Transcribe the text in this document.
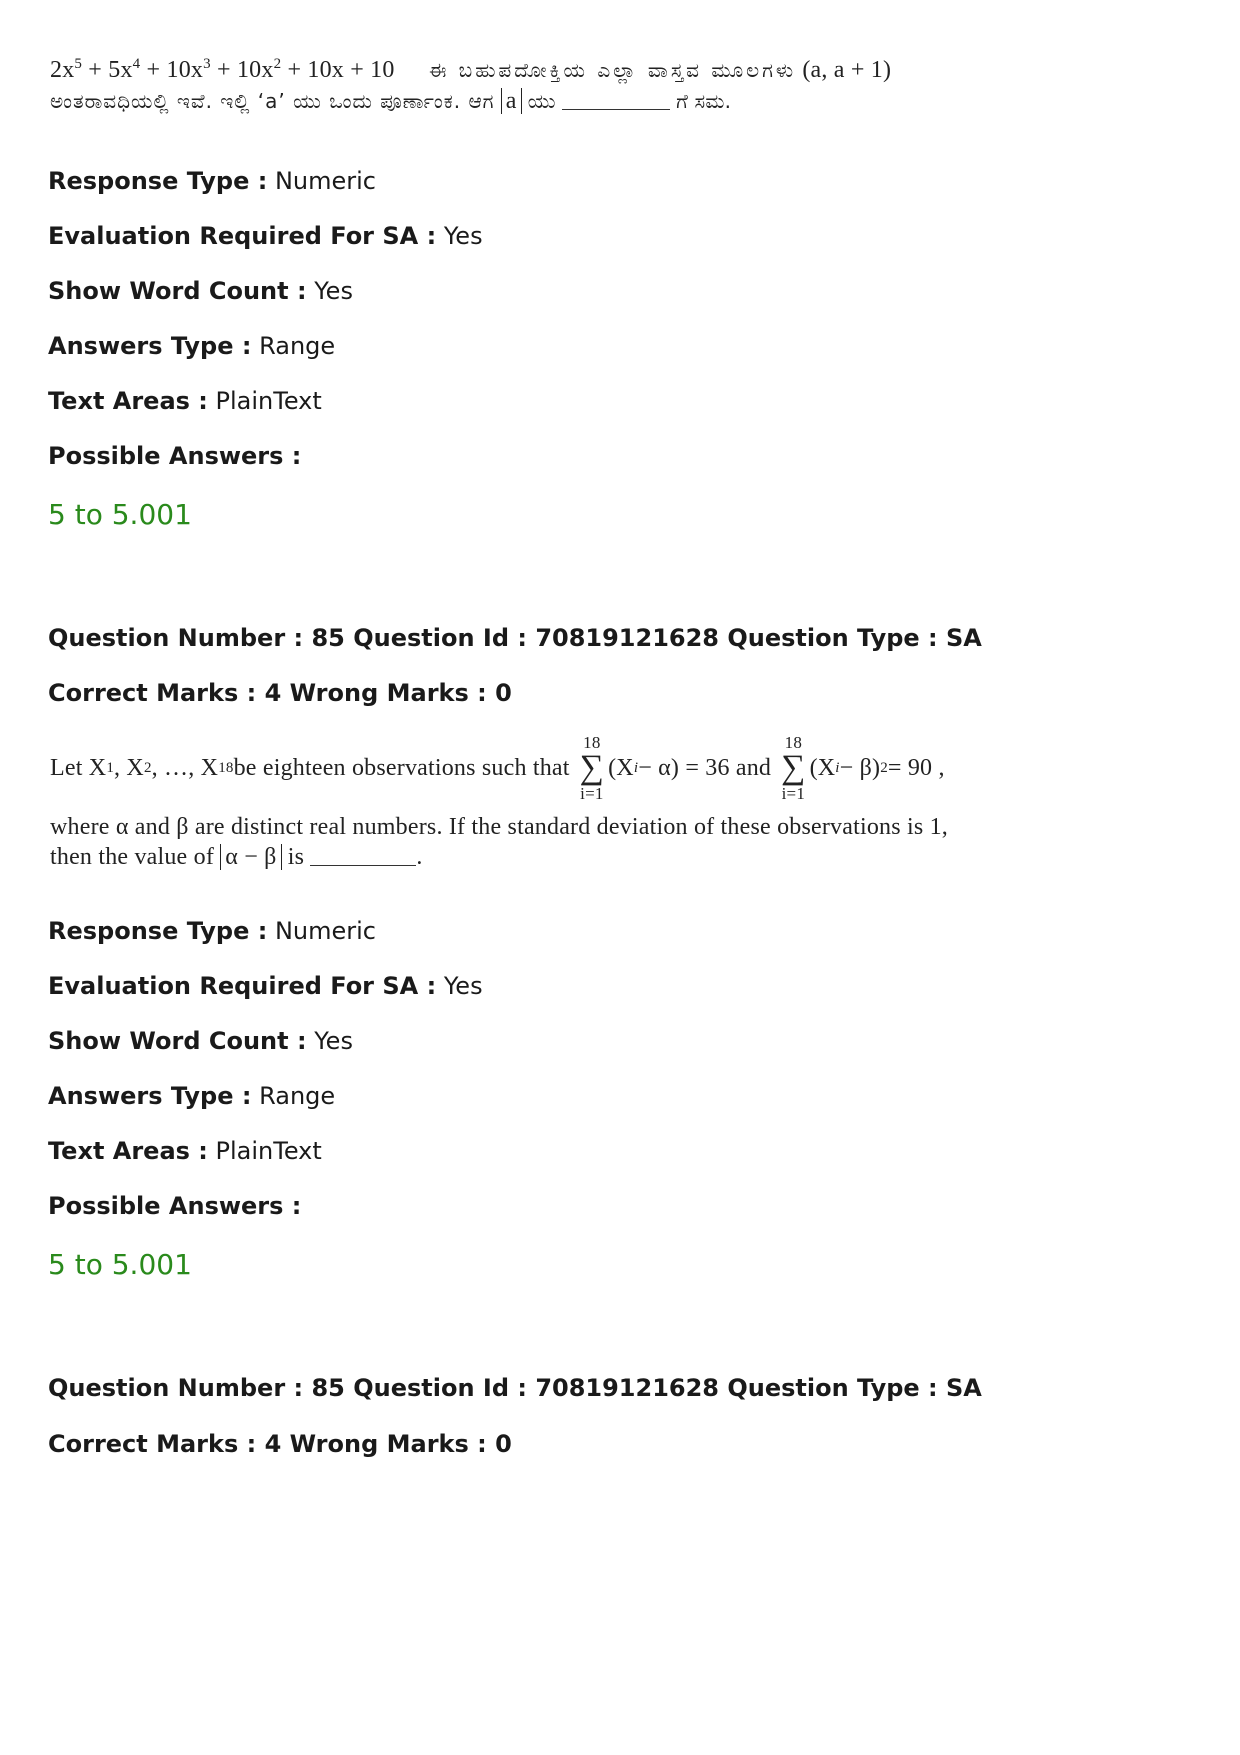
$2x^5 + 5x^4 + 10x^3 + 10x^2 + 10x + 10$ ಈ ಬಹುಪದೋಕ್ತಿಯ ಎಲ್ಲಾ ವಾಸ್ತವ ಮೂಲಗಳು (a, a + 1)
ಅಂತರಾವಧಿಯಲ್ಲಿ ಇವೆ. ಇಲ್ಲಿ ‘a’ ಯು ಒಂದು ಪೂರ್ಣಾಂಕ. ಆಗ a ಯು	ಗೆ ಸಮ.
Response Type : Numeric
Evaluation Required For SA : Yes
Show Word Count : Yes
Answers Type : Range
Text Areas : PlainText
Possible Answers :
5 to 5.001
Question Number : 85 Question Id : 70819121628 Question Type : SA
Correct Marks : 4 Wrong Marks : 0
Let X 1 , X 2 , …, X 18 be eighteen observations such that
18
∑
i=1
(X i − α) = 36 and
18
∑
i=1
(X i − β) 2 = 90 ,
where α and β are distinct real numbers. If the standard deviation of these observations is 1,
then the value of α − β is	.
Response Type : Numeric
Evaluation Required For SA : Yes
Show Word Count : Yes
Answers Type : Range
Text Areas : PlainText
Possible Answers :
5 to 5.001
Question Number : 85 Question Id : 70819121628 Question Type : SA
Correct Marks : 4 Wrong Marks : 0
